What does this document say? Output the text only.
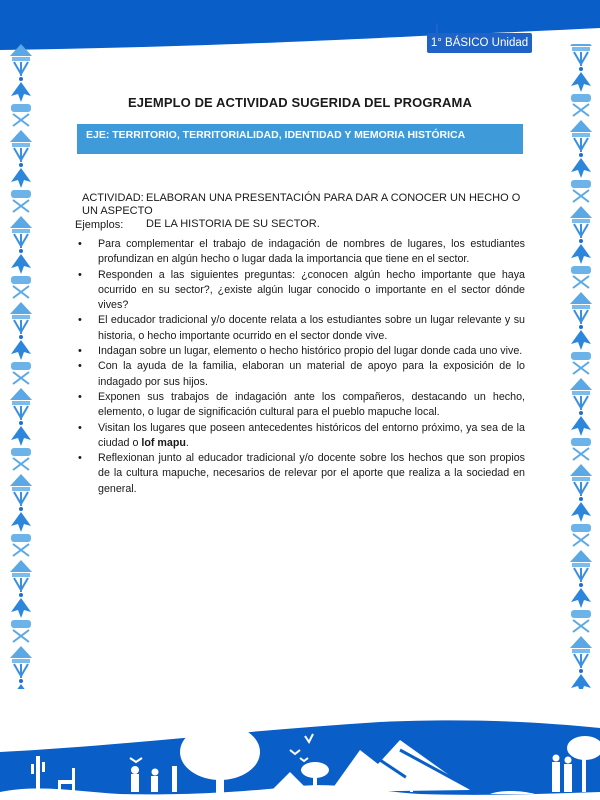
1° BÁSICO Unidad 3
EJEMPLO DE ACTIVIDAD SUGERIDA DEL PROGRAMA
EJE: TERRITORIO, TERRITORIALIDAD, IDENTIDAD Y MEMORIA HISTÓRICA
ACTIVIDAD: ELABORAN UNA PRESENTACIÓN PARA DAR A CONOCER UN HECHO O UN ASPECTO
DE LA HISTORIA DE SU SECTOR.
Ejemplos:
• Para complementar el trabajo de indagación de nombres de lugares, los estudiantes profundizan en algún hecho o lugar dada la importancia que tiene en el sector.
• Responden a las siguientes preguntas: ¿conocen algún hecho importante que haya ocurrido en su sector?, ¿existe algún lugar conocido o importante en el sector dónde vives?
• El educador tradicional y/o docente relata a los estudiantes sobre un lugar relevante y su historia, o hecho importante ocurrido en el sector donde vive.
• Indagan sobre un lugar, elemento o hecho histórico propio del lugar donde cada uno vive.
• Con la ayuda de la familia, elaboran un material de apoyo para la exposición de lo indagado por sus hijos.
• Exponen sus trabajos de indagación ante los compañeros, destacando un hecho, elemento, o lugar de significación cultural para el pueblo mapuche local.
• Visitan los lugares que poseen antecedentes históricos del entorno próximo, ya sea de la ciudad o lof mapu.
• Reflexionan junto al educador tradicional y/o docente sobre los hechos que son propios de la cultura mapuche, necesarios de relevar por el aporte que realiza a la sociedad en general.
